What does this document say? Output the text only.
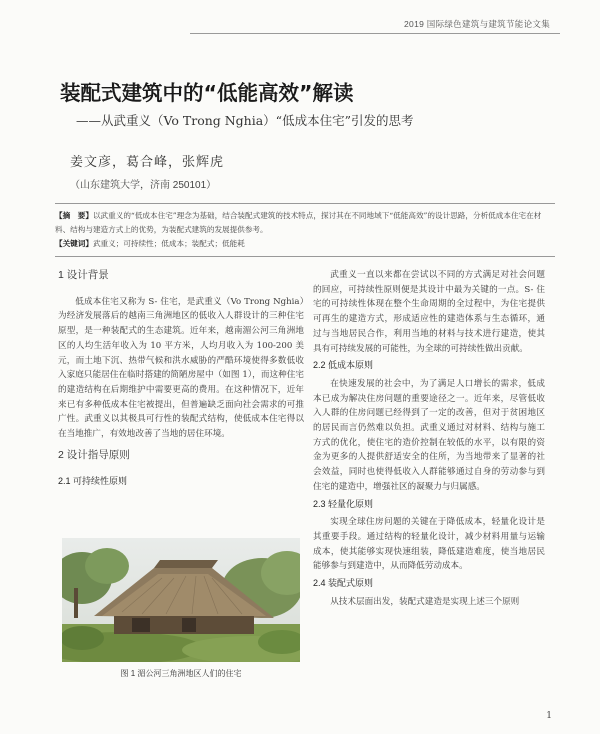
2019 国际绿色建筑与建筑节能论文集
装配式建筑中的“低能高效”解读
——从武重义（Vo Trong Nghia）“低成本住宅”引发的思考
姜文彦，葛合峰，张辉虎
（山东建筑大学，济南 250101）
【摘　要】以武重义的“低成本住宅”理念为基础，结合装配式建筑的技术特点，探讨其在不同地域下“低能高效”的设计思路，分析低成本住宅在材料、结构与建造方式上的优势，为装配式建筑的发展提供参考。
【关键词】武重义；可持续性；低成本；装配式；低能耗
1 设计背景

低成本住宅又称为 S- 住宅，是武重义（Vo Trong Nghia）为经济发展落后的越南三角洲地区的低收入人群设计的三种住宅原型，是一种装配式的生态建筑。近年来，越南湄公河三角洲地区的人均生活年收入为 10 平方米，人均月收入为 100-200 美元，而土地下沉、热带气候和洪水威胁的严酷环境使得多数低收入家庭只能居住在临时搭建的简陋房屋中（如图 1），而这种住宅的建造结构在后期维护中需要更高的费用。在这种情况下，近年来已有多种低成本住宅被提出，但普遍缺乏面向社会需求的可推广性。武重义以其极具可行性的装配式结构，使低成本住宅得以在当地推广，有效地改善了当地的居住环境。

2 设计指导原则
2.1 可持续性原则
图 1 湄公河三角洲地区人们的住宅

武重义一直以来都在尝试以不同的方式满足对社会问题的回应，可持续性原则便是其设计中最为关键的一点。S- 住宅的可持续性体现在整个生命周期的全过程中，为住宅提供可再生的建造方式，形成适应性的建造体系与生态循环，通过与当地居民合作，利用当地的材料与技术进行建造，使其具有可持续发展的可能性，为全球的可持续性做出贡献。

2.2 低成本原则

在快速发展的社会中，为了满足人口增长的需求，低成本已成为解决住房问题的重要途径之一。近年来，尽管低收入人群的住房问题已经得到了一定的改善，但对于贫困地区的居民而言仍然难以负担。武重义通过对材料、结构与施工方式的优化，使住宅的造价控制在较低的水平，以有限的资金为更多的人提供舒适安全的住所，为当地带来了显著的社会效益，同时也使得低收入人群能够通过自身的劳动参与到住宅的建造中，增强社区的凝聚力与归属感。

2.3 轻量化原则

实现全球住房问题的关键在于降低成本，轻量化设计是其重要手段。通过结构的轻量化设计，减少材料用量与运输成本，使其能够实现快速组装，降低建造难度，使当地居民能够参与到建造中，从而降低劳动成本。

2.4 装配式原则

从技术层面出发，装配式建造是实现上述三个原则

1
